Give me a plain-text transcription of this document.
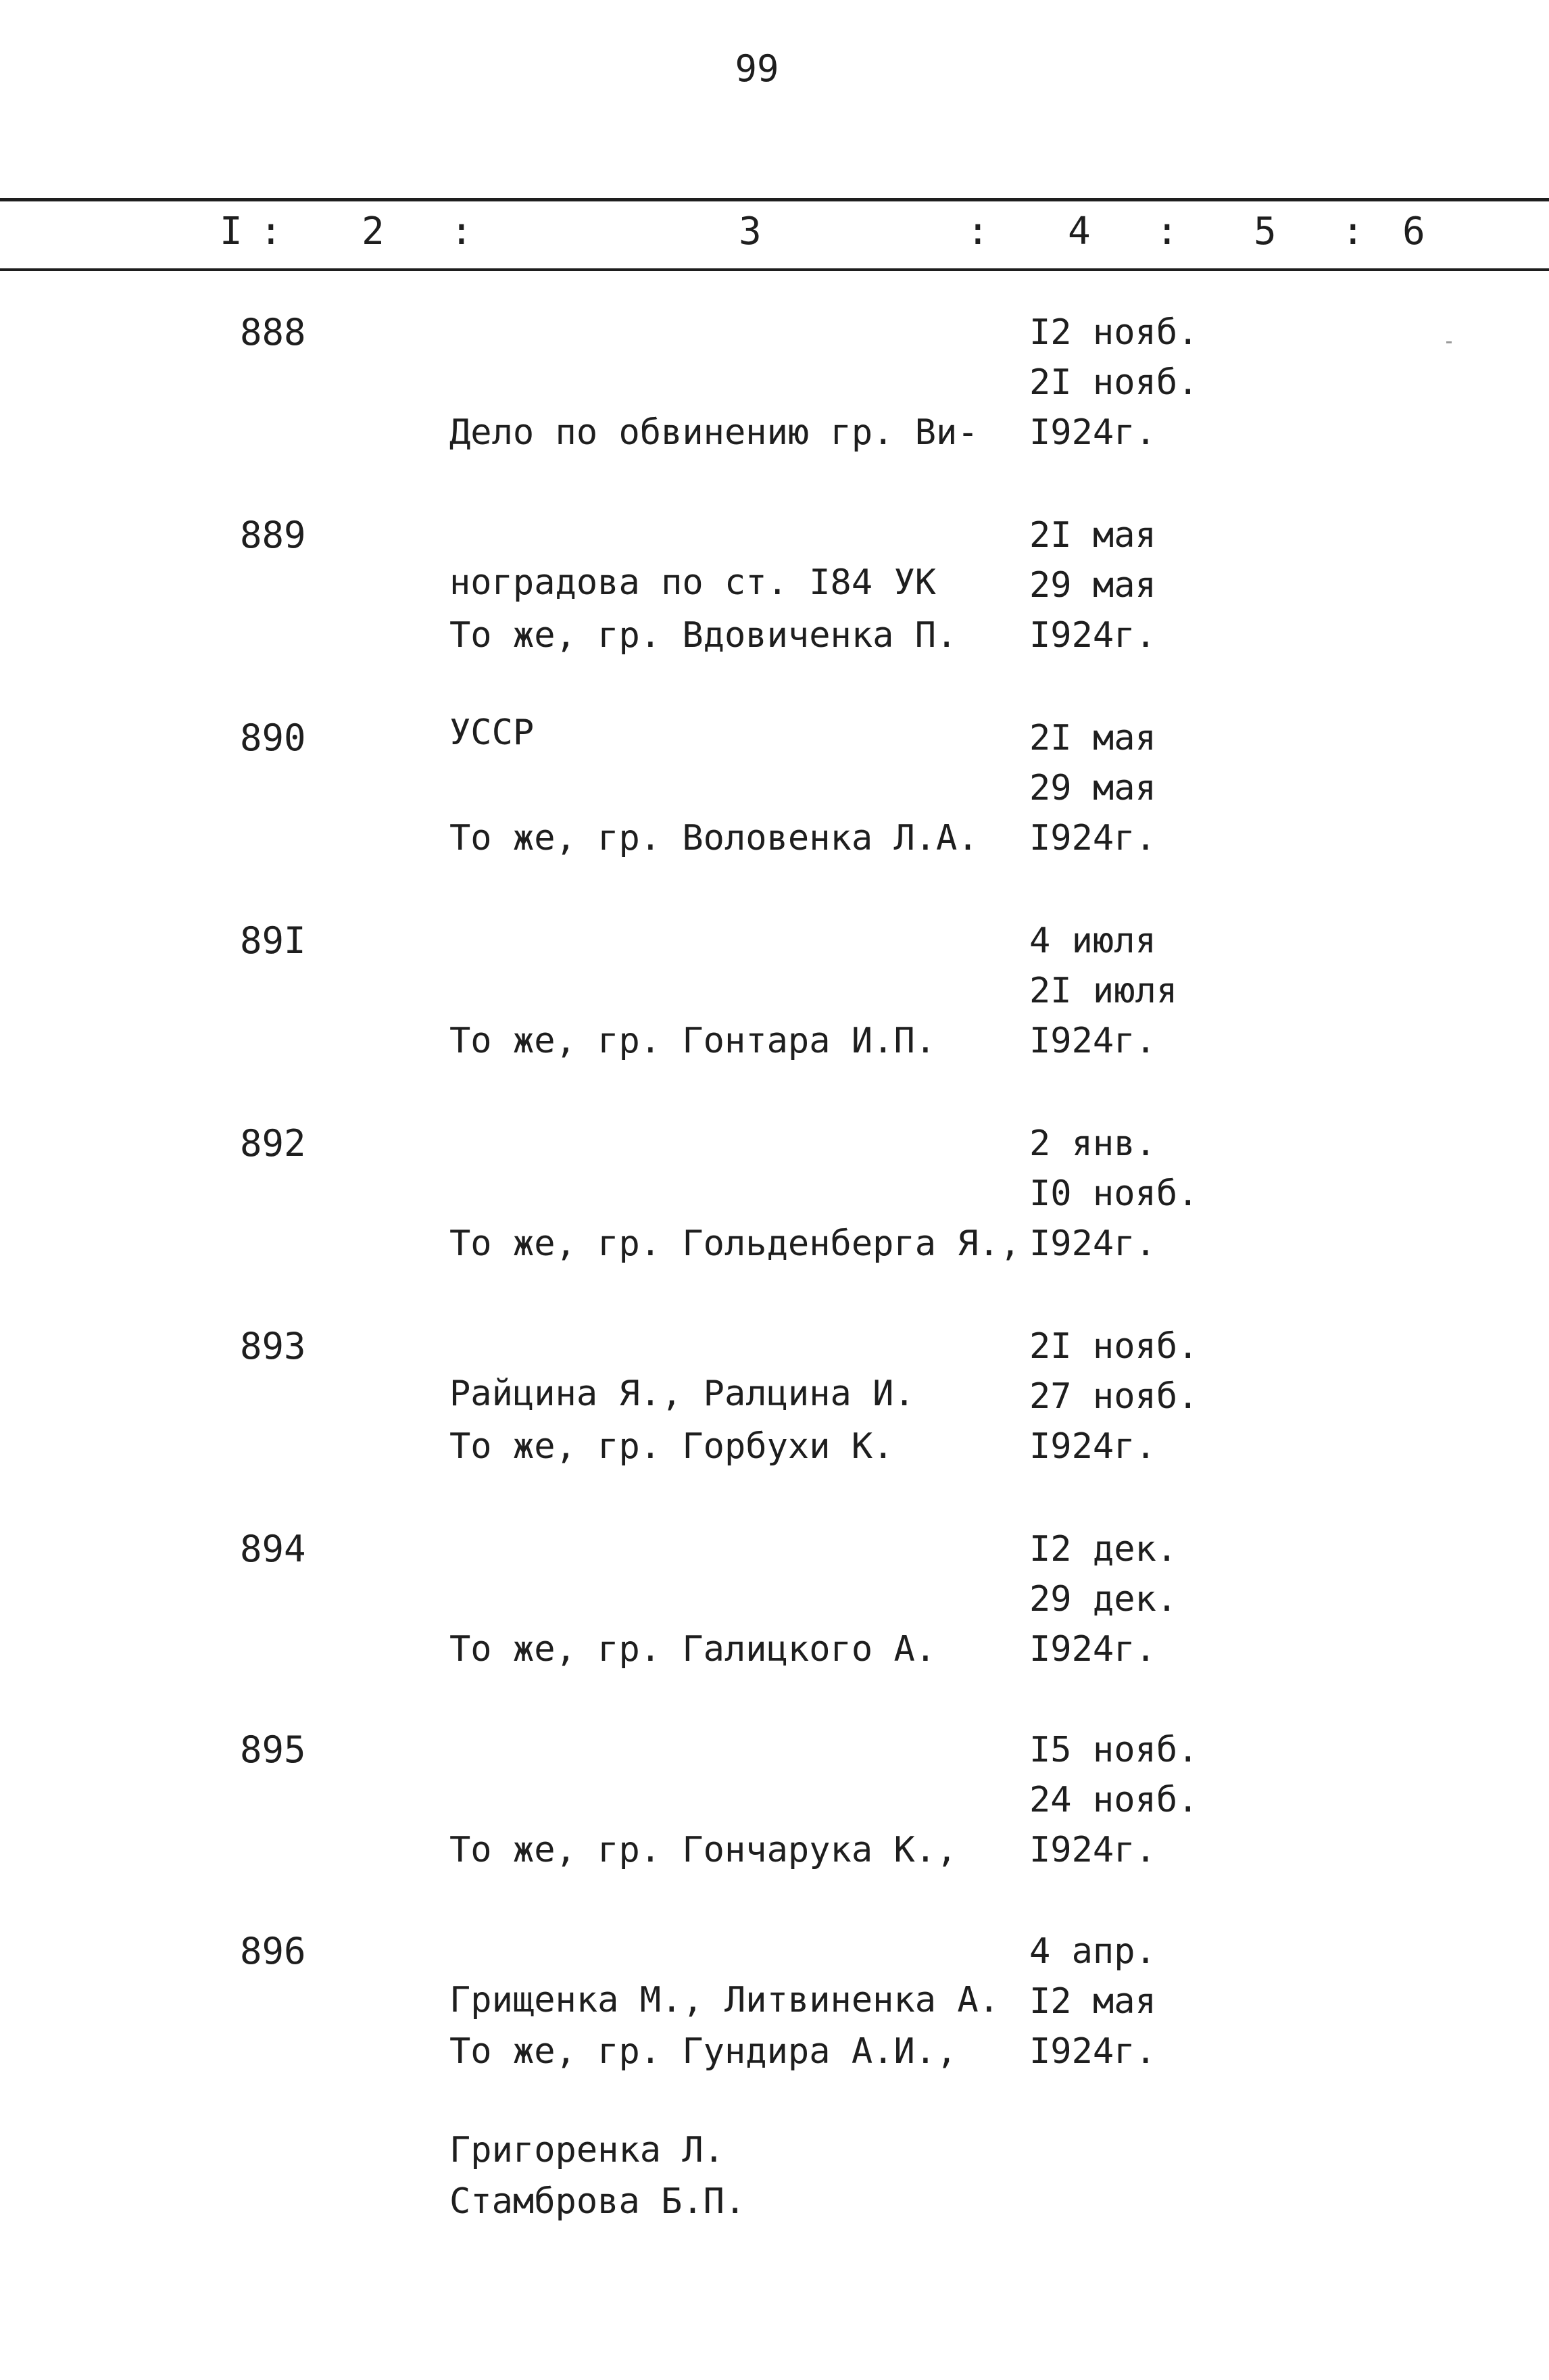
99
I : 2 :	3	: 4 : 5 : 6
888

Дело по обвинению гр. Ви-

ноградова по ст. I84 УК

УССР

I2 нояб.
2I нояб.
I924г.
889

То же, гр. Вдовиченка П.

2I мая
29 мая
I924г.
890

То же, гр. Воловенка Л.А.

2I мая
29 мая
I924г.
89I

То же, гр. Гонтара И.П.

4 июля
2I июля
I924г.
892

То же, гр. Гольденберга Я.,

Райцина Я., Ралцина И.

2 янв.
I0 нояб.
I924г.
893

То же, гр. Горбухи К.

2I нояб.
27 нояб.
I924г.
894

То же, гр. Галицкого А.

I2 дек.
29 дек.
I924г.
895

То же, гр. Гончарука К.,

Грищенка М., Литвиненка А.

Григоренка Л.

I5 нояб.
24 нояб.
I924г.
896

То же, гр. Гундира А.И.,

Стамброва Б.П.

4 апр.
I2 мая
I924г.
